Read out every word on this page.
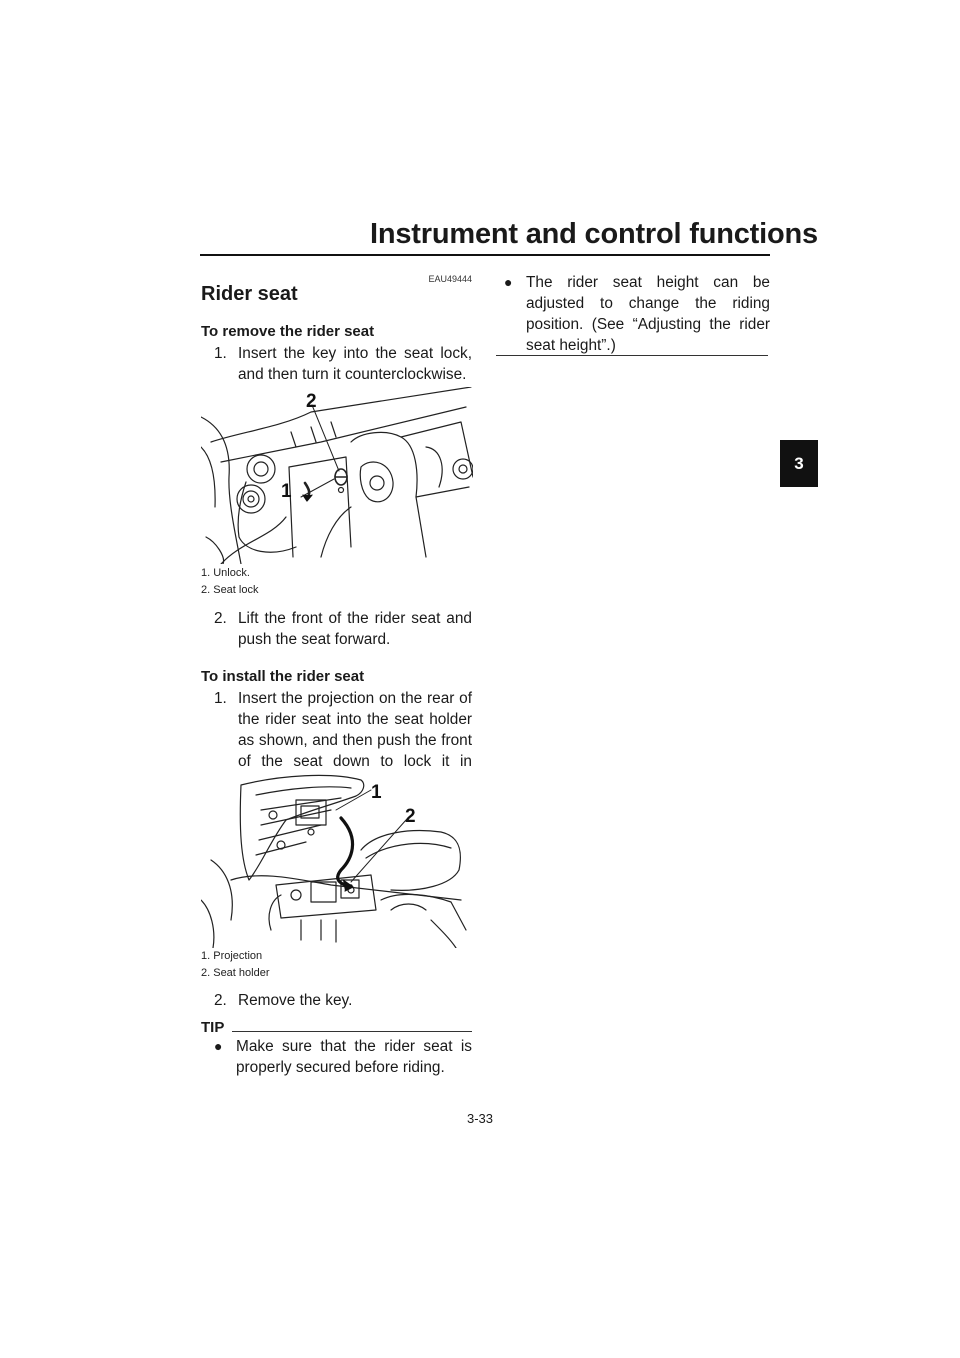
Instrument and control functions
3
EAU49444
Rider seat
To remove the rider seat
1. Insert the key into the seat lock, and then turn it counterclockwise.
2
1
1. Unlock.
2. Seat lock
2. Lift the front of the rider seat and push the seat forward.
To install the rider seat
1. Insert the projection on the rear of the rider seat into the seat holder as shown, and then push the front of the seat down to lock it in
1
2
1. Projection
2. Seat holder
2. Remove the key.
TIP
● Make sure that the rider seat is properly secured before riding.
● The rider seat height can be adjusted to change the riding position. (See “Adjusting the rider seat height”.)
3-33
